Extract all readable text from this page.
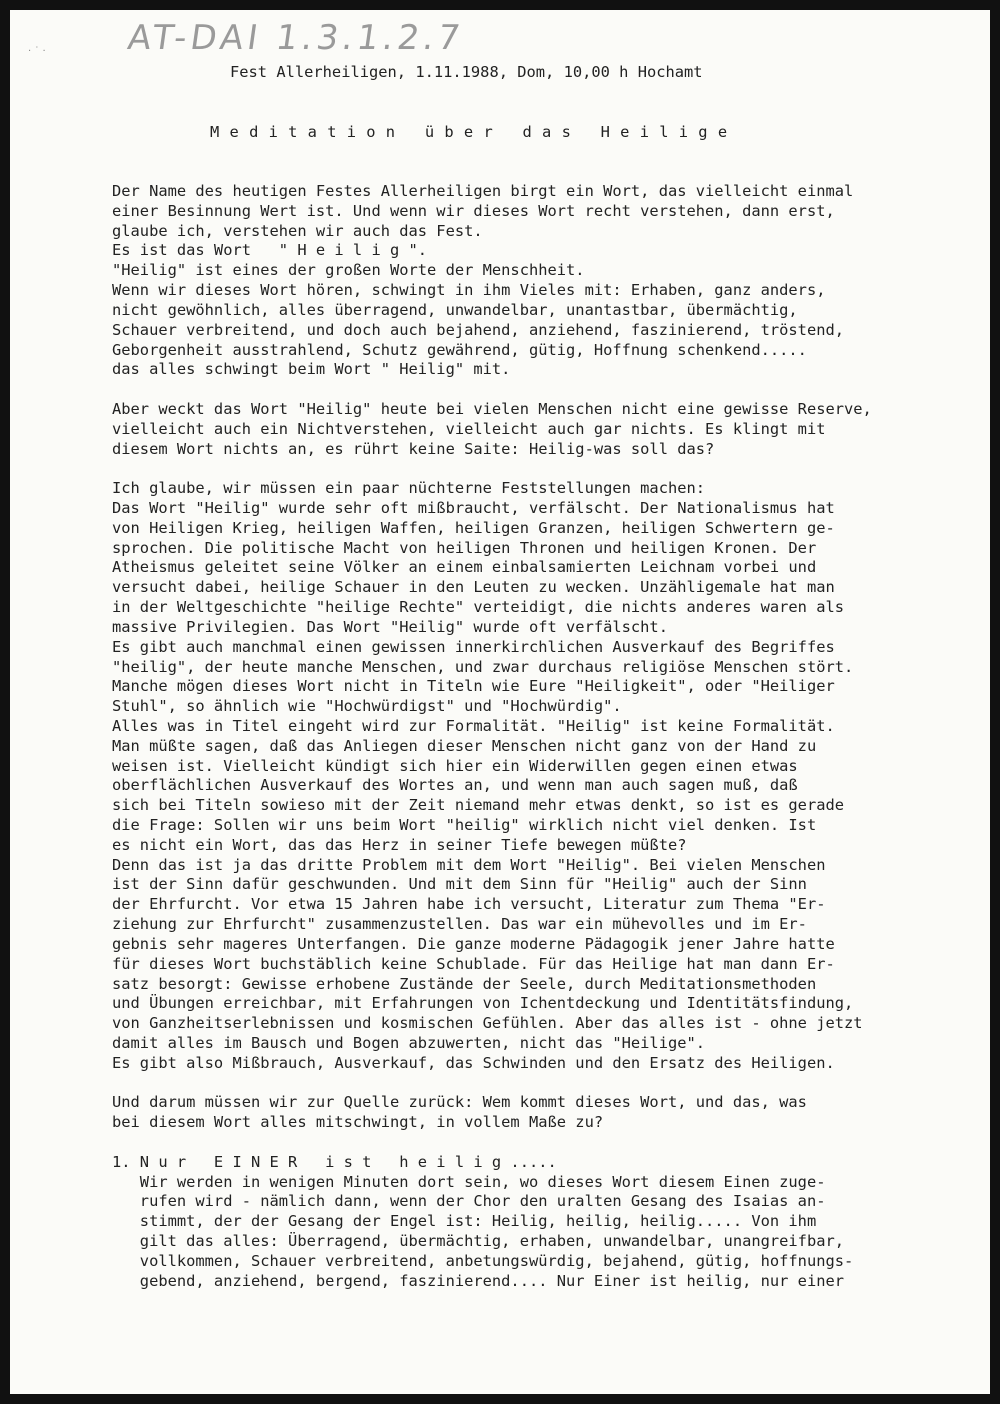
AT-DAI 1.3.1.2.7
· ˙ ·
Fest Allerheiligen, 1.11.1988, Dom, 10,00 h Hochamt
M e d i t a t i o n   ü b e r   d a s   H e i l i g e
Der Name des heutigen Festes Allerheiligen birgt ein Wort, das vielleicht einmal
einer Besinnung Wert ist. Und wenn wir dieses Wort recht verstehen, dann erst,
glaube ich, verstehen wir auch das Fest.
Es ist das Wort   " H e i l i g ".
"Heilig" ist eines der großen Worte der Menschheit.
Wenn wir dieses Wort hören, schwingt in ihm Vieles mit: Erhaben, ganz anders,
nicht gewöhnlich, alles überragend, unwandelbar, unantastbar, übermächtig,
Schauer verbreitend, und doch auch bejahend, anziehend, faszinierend, tröstend,
Geborgenheit ausstrahlend, Schutz gewährend, gütig, Hoffnung schenkend.....
das alles schwingt beim Wort " Heilig" mit.
Aber weckt das Wort "Heilig" heute bei vielen Menschen nicht eine gewisse Reserve,
vielleicht auch ein Nichtverstehen, vielleicht auch gar nichts. Es klingt mit
diesem Wort nichts an, es rührt keine Saite: Heilig-was soll das?
Ich glaube, wir müssen ein paar nüchterne Feststellungen machen:
Das Wort "Heilig" wurde sehr oft mißbraucht, verfälscht. Der Nationalismus hat
von Heiligen Krieg, heiligen Waffen, heiligen Granzen, heiligen Schwertern ge-
sprochen. Die politische Macht von heiligen Thronen und heiligen Kronen. Der
Atheismus geleitet seine Völker an einem einbalsamierten Leichnam vorbei und
versucht dabei, heilige Schauer in den Leuten zu wecken. Unzähligemale hat man
in der Weltgeschichte "heilige Rechte" verteidigt, die nichts anderes waren als
massive Privilegien. Das Wort "Heilig" wurde oft verfälscht.
Es gibt auch manchmal einen gewissen innerkirchlichen Ausverkauf des Begriffes
"heilig", der heute manche Menschen, und zwar durchaus religiöse Menschen stört.
Manche mögen dieses Wort nicht in Titeln wie Eure "Heiligkeit", oder "Heiliger
Stuhl", so ähnlich wie "Hochwürdigst" und "Hochwürdig".
Alles was in Titel eingeht wird zur Formalität. "Heilig" ist keine Formalität.
Man müßte sagen, daß das Anliegen dieser Menschen nicht ganz von der Hand zu
weisen ist. Vielleicht kündigt sich hier ein Widerwillen gegen einen etwas
oberflächlichen Ausverkauf des Wortes an, und wenn man auch sagen muß, daß
sich bei Titeln sowieso mit der Zeit niemand mehr etwas denkt, so ist es gerade
die Frage: Sollen wir uns beim Wort "heilig" wirklich nicht viel denken. Ist
es nicht ein Wort, das das Herz in seiner Tiefe bewegen müßte?
Denn das ist ja das dritte Problem mit dem Wort "Heilig". Bei vielen Menschen
ist der Sinn dafür geschwunden. Und mit dem Sinn für "Heilig" auch der Sinn
der Ehrfurcht. Vor etwa 15 Jahren habe ich versucht, Literatur zum Thema "Er-
ziehung zur Ehrfurcht" zusammenzustellen. Das war ein mühevolles und im Er-
gebnis sehr mageres Unterfangen. Die ganze moderne Pädagogik jener Jahre hatte
für dieses Wort buchstäblich keine Schublade. Für das Heilige hat man dann Er-
satz besorgt: Gewisse erhobene Zustände der Seele, durch Meditationsmethoden
und Übungen erreichbar, mit Erfahrungen von Ichentdeckung und Identitätsfindung,
von Ganzheitserlebnissen und kosmischen Gefühlen. Aber das alles ist - ohne jetzt
damit alles im Bausch und Bogen abzuwerten, nicht das "Heilige".
Es gibt also Mißbrauch, Ausverkauf, das Schwinden und den Ersatz des Heiligen.
Und darum müssen wir zur Quelle zurück: Wem kommt dieses Wort, und das, was
bei diesem Wort alles mitschwingt, in vollem Maße zu?
1. N u r   E I N E R   i s t   h e i l i g .....
Wir werden in wenigen Minuten dort sein, wo dieses Wort diesem Einen zuge-
rufen wird - nämlich dann, wenn der Chor den uralten Gesang des Isaias an-
stimmt, der der Gesang der Engel ist: Heilig, heilig, heilig..... Von ihm
gilt das alles: Überragend, übermächtig, erhaben, unwandelbar, unangreifbar,
vollkommen, Schauer verbreitend, anbetungswürdig, bejahend, gütig, hoffnungs-
gebend, anziehend, bergend, faszinierend.... Nur Einer ist heilig, nur einer
